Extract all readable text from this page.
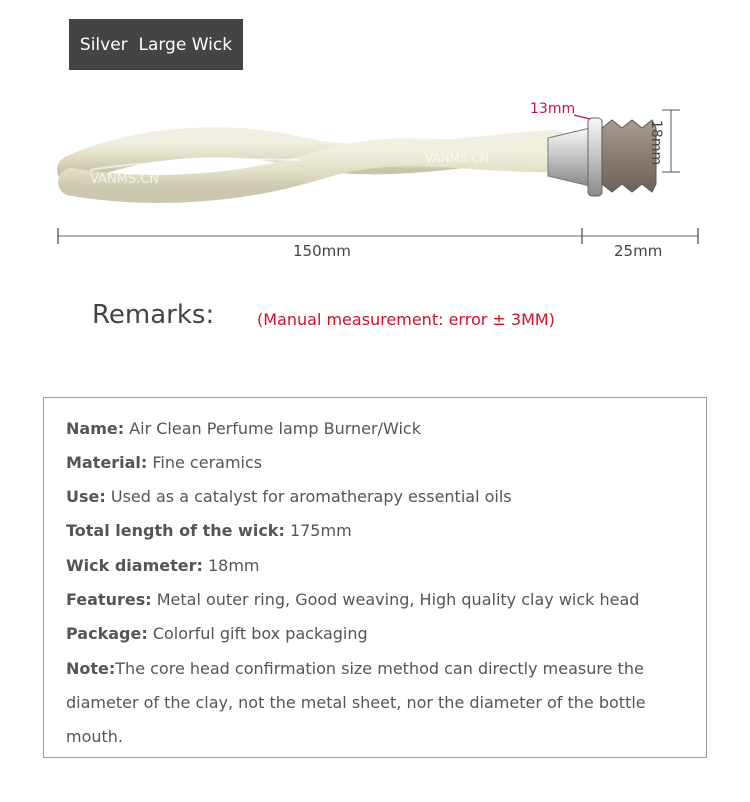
Silver  Large Wick
VANMS.CN
VANMS.CN
13mm
18mm
150mm	25mm
Remarks:	(Manual measurement: error ± 3MM)
Name: Air Clean Perfume lamp Burner/Wick
Material: Fine ceramics
Use: Used as a catalyst for aromatherapy essential oils
Total length of the wick: 175mm
Wick diameter: 18mm
Features: Metal outer ring, Good weaving, High quality clay wick head
Package: Colorful gift box packaging
Note:The core head confirmation size method can directly measure the diameter of the clay, not the metal sheet, nor the diameter of the bottle mouth.
